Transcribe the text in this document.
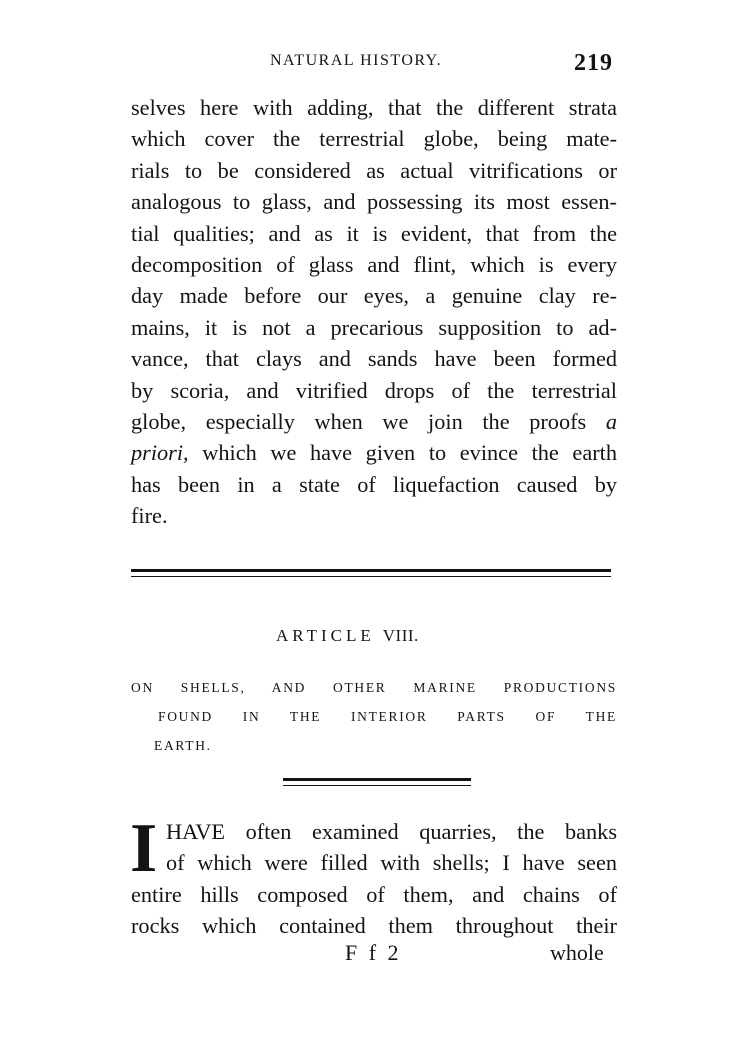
NATURAL HISTORY.	219
selves here with adding, that the different strata
which cover the terrestrial globe, being mate-
rials to be considered as actual vitrifications or
analogous to glass, and possessing its most essen-
tial qualities; and as it is evident, that from the
decomposition of glass and flint, which is every
day made before our eyes, a genuine clay re-
mains, it is not a precarious supposition to ad-
vance, that clays and sands have been formed
by scoria, and vitrified drops of the terrestrial
globe, especially when we join the proofs a
priori, which we have given to evince the earth
has been in a state of liquefaction caused by
fire.
ARTICLE VIII.
ON SHELLS, AND OTHER MARINE PRODUCTIONS
FOUND IN THE INTERIOR PARTS OF THE
EARTH.
I HAVE often examined quarries, the banks
of which were filled with shells; I have seen
entire hills composed of them, and chains of
rocks which contained them throughout their
F f 2	whole
